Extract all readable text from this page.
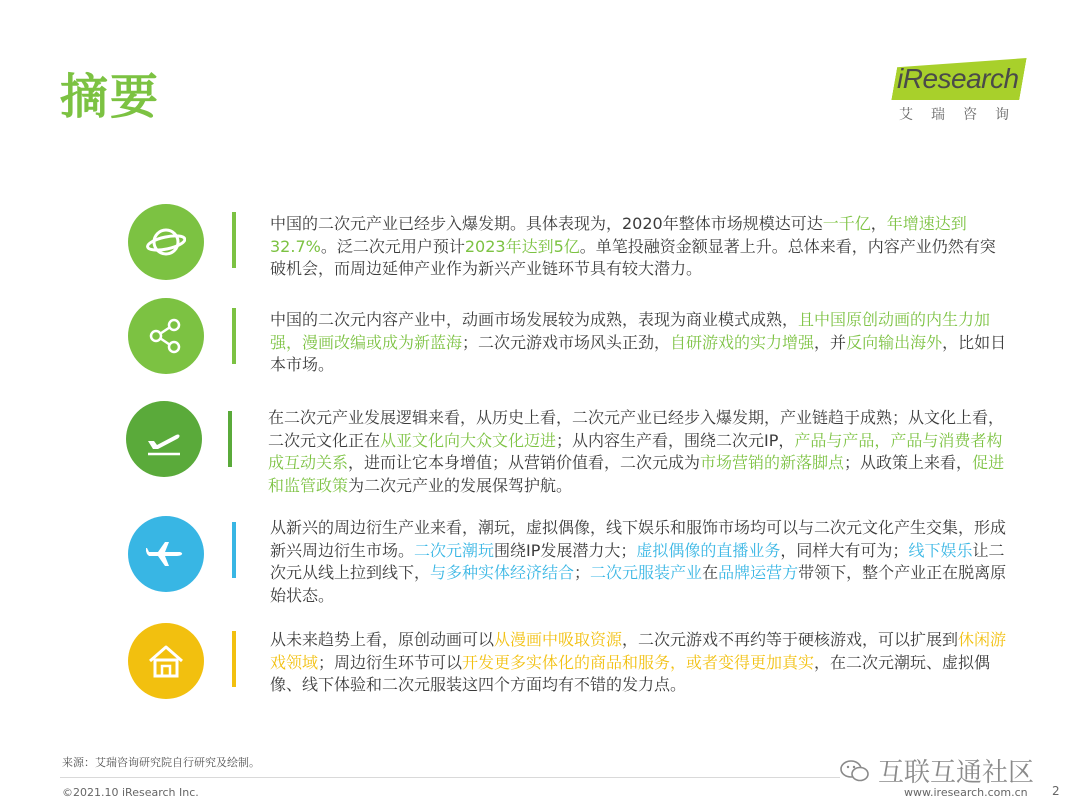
摘要	iResearch
艾瑞咨询
中国的二次元产业已经步入爆发期。具体表现为，2020年整体市场规模达可达一千亿，年增速达到32.7%。泛二次元用户预计2023年达到5亿。单笔投融资金额显著上升。总体来看，内容产业仍然有突破机会，而周边延伸产业作为新兴产业链环节具有较大潜力。
中国的二次元内容产业中，动画市场发展较为成熟，表现为商业模式成熟，且中国原创动画的内生力加强，漫画改编或成为新蓝海；二次元游戏市场风头正劲，自研游戏的实力增强，并反向输出海外，比如日本市场。
在二次元产业发展逻辑来看，从历史上看，二次元产业已经步入爆发期，产业链趋于成熟；从文化上看，二次元文化正在从亚文化向大众文化迈进；从内容生产看，围绕二次元IP，产品与产品，产品与消费者构成互动关系，进而让它本身增值；从营销价值看，二次元成为市场营销的新落脚点；从政策上来看，促进和监管政策为二次元产业的发展保驾护航。
从新兴的周边衍生产业来看，潮玩，虚拟偶像，线下娱乐和服饰市场均可以与二次元文化产生交集，形成新兴周边衍生市场。二次元潮玩围绕IP发展潜力大；虚拟偶像的直播业务，同样大有可为；线下娱乐让二次元从线上拉到线下，与多种实体经济结合；二次元服装产业在品牌运营方带领下，整个产业正在脱离原始状态。
从未来趋势上看，原创动画可以从漫画中吸取资源，二次元游戏不再约等于硬核游戏，可以扩展到休闲游戏领域；周边衍生环节可以开发更多实体化的商品和服务，或者变得更加真实，在二次元潮玩、虚拟偶像、线下体验和二次元服装这四个方面均有不错的发力点。
来源：艾瑞咨询研究院自行研究及绘制。
©2021.10 iResearch Inc.	www.iresearch.com.cn 2
互联互通社区
